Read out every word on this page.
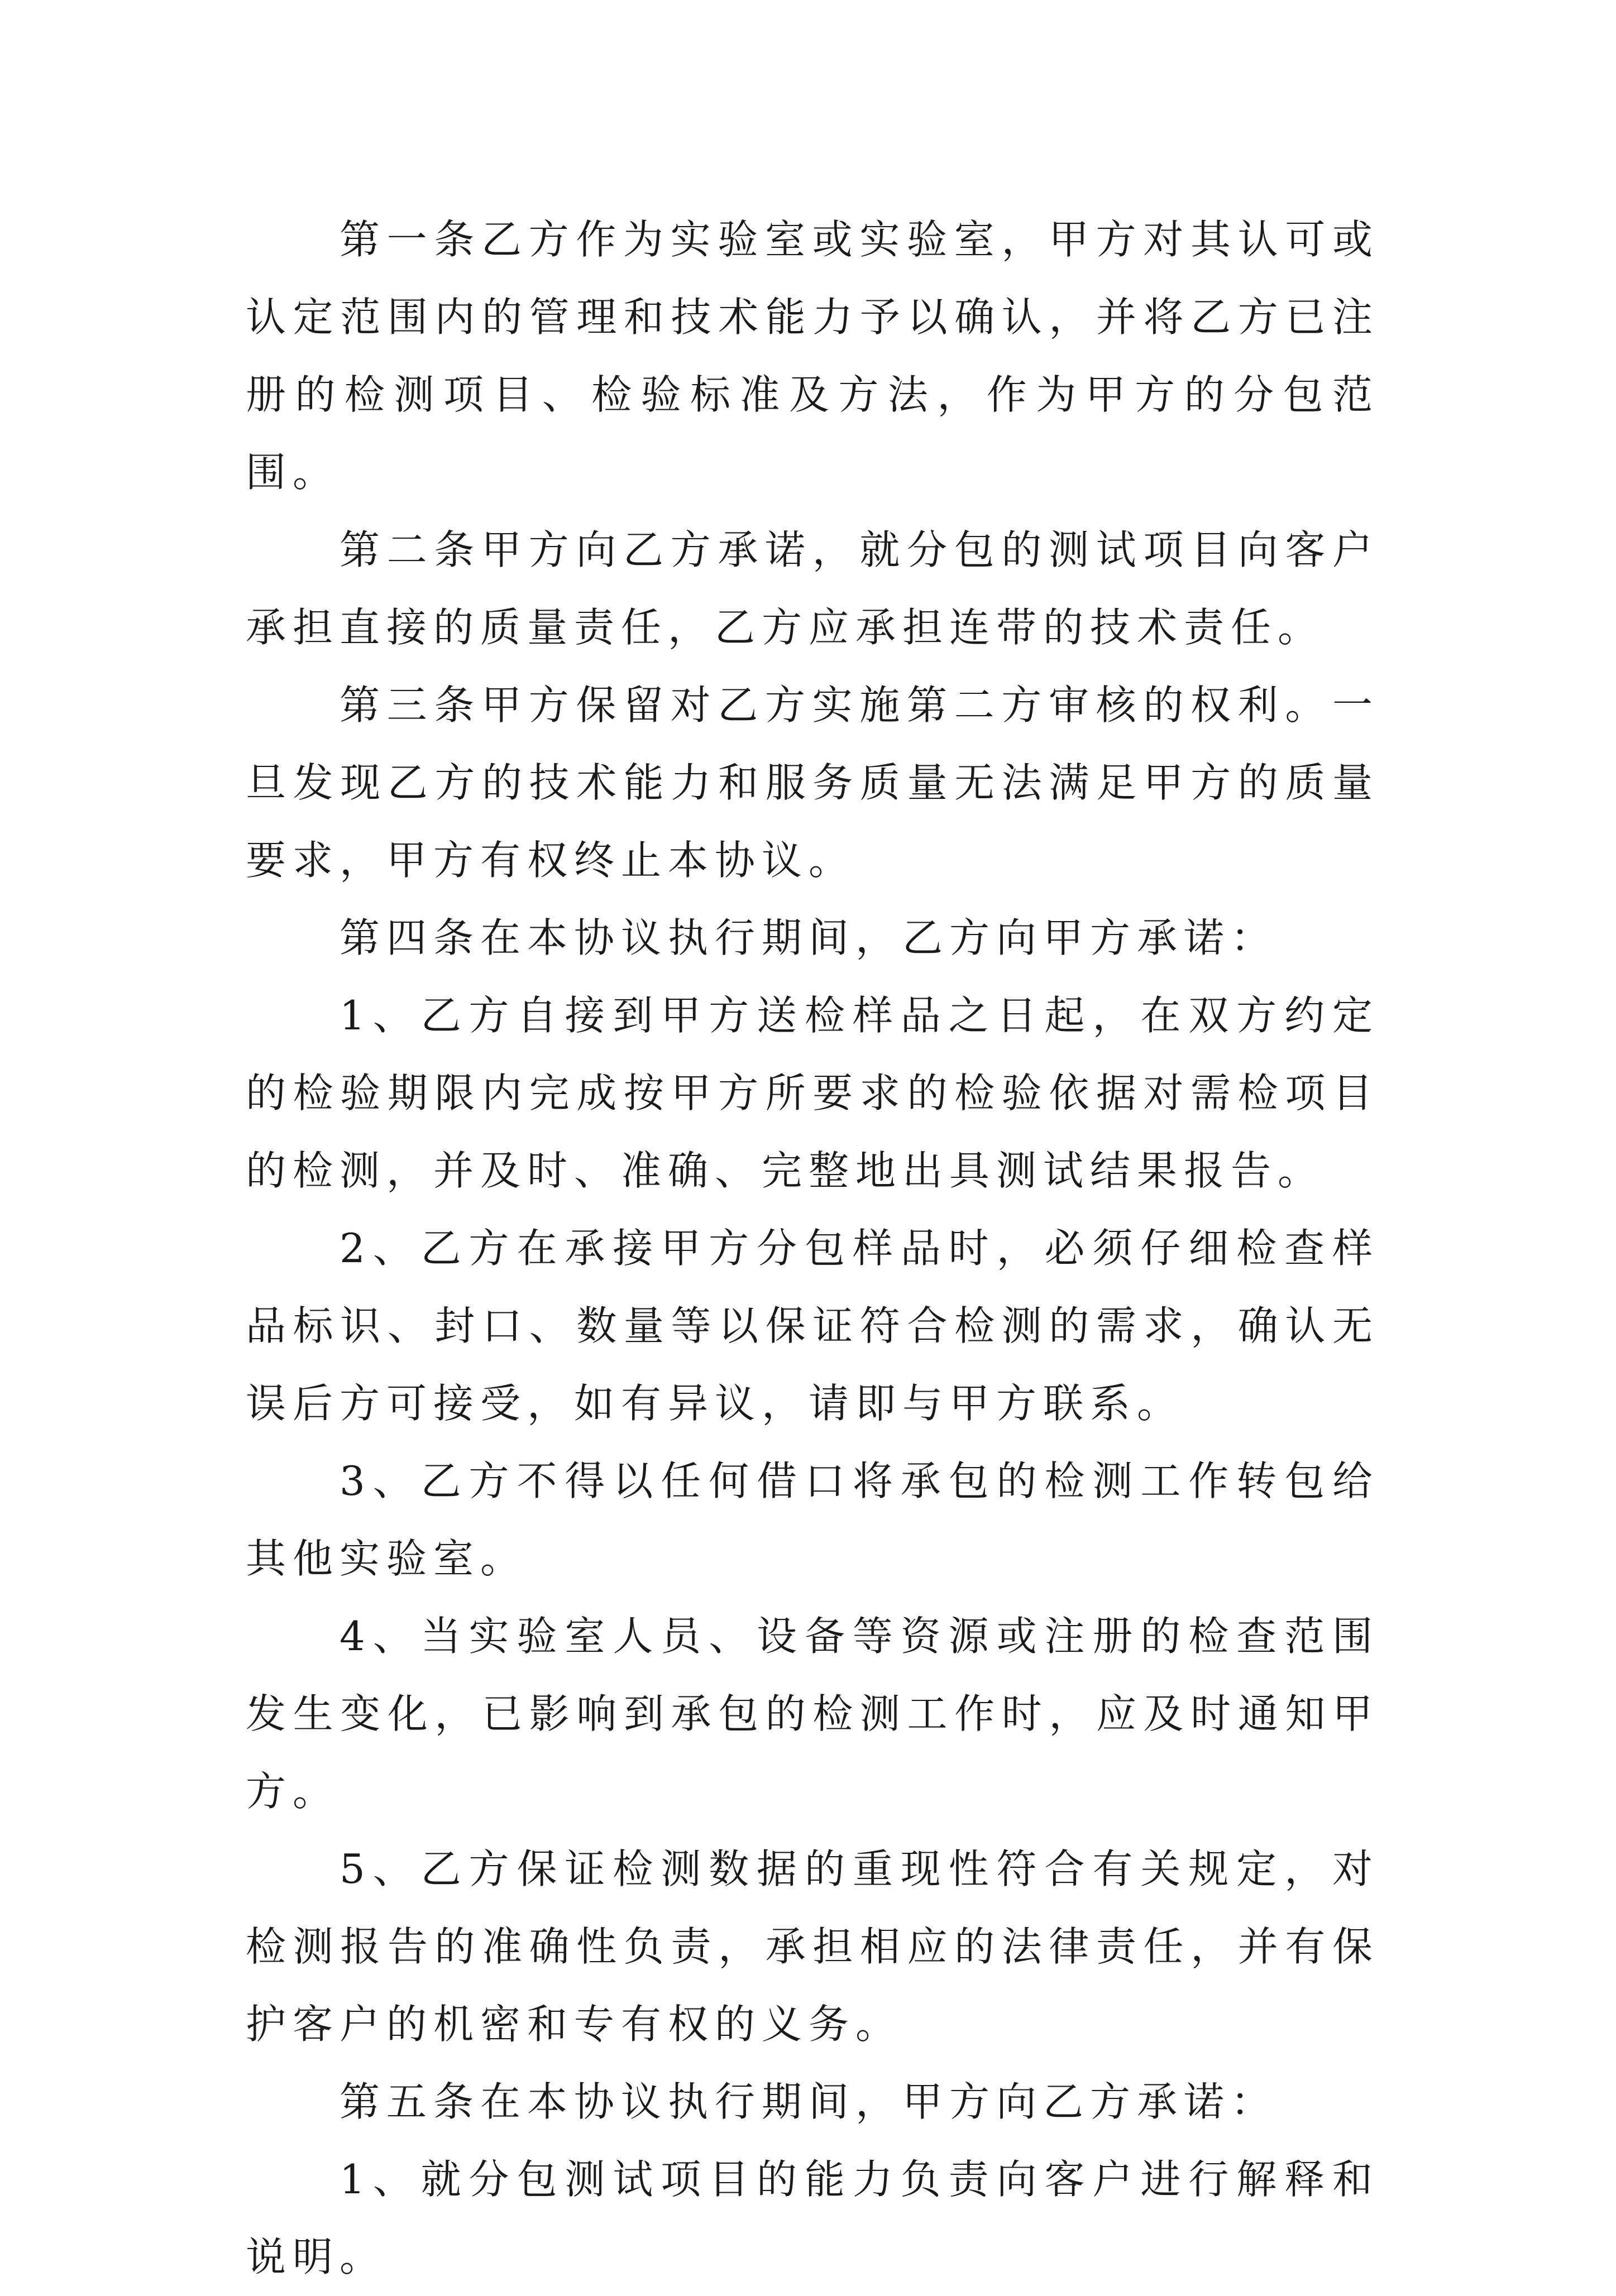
第一条乙方作为实验室或实验室，甲方对其认可或认定范围内的管理和技术能力予以确认，并将乙方已注册的检测项目、检验标准及方法，作为甲方的分包范围。

第二条甲方向乙方承诺，就分包的测试项目向客户承担直接的质量责任，乙方应承担连带的技术责任。

第三条甲方保留对乙方实施第二方审核的权利。一旦发现乙方的技术能力和服务质量无法满足甲方的质量要求，甲方有权终止本协议。

第四条在本协议执行期间，乙方向甲方承诺：

1、乙方自接到甲方送检样品之日起，在双方约定的检验期限内完成按甲方所要求的检验依据对需检项目的检测，并及时、准确、完整地出具测试结果报告。

2、乙方在承接甲方分包样品时，必须仔细检查样品标识、封口、数量等以保证符合检测的需求，确认无误后方可接受，如有异议，请即与甲方联系。

3、乙方不得以任何借口将承包的检测工作转包给其他实验室。

4、当实验室人员、设备等资源或注册的检查范围发生变化，已影响到承包的检测工作时，应及时通知甲方。

5、乙方保证检测数据的重现性符合有关规定，对检测报告的准确性负责，承担相应的法律责任，并有保护客户的机密和专有权的义务。

第五条在本协议执行期间，甲方向乙方承诺：

1、就分包测试项目的能力负责向客户进行解释和说明。
